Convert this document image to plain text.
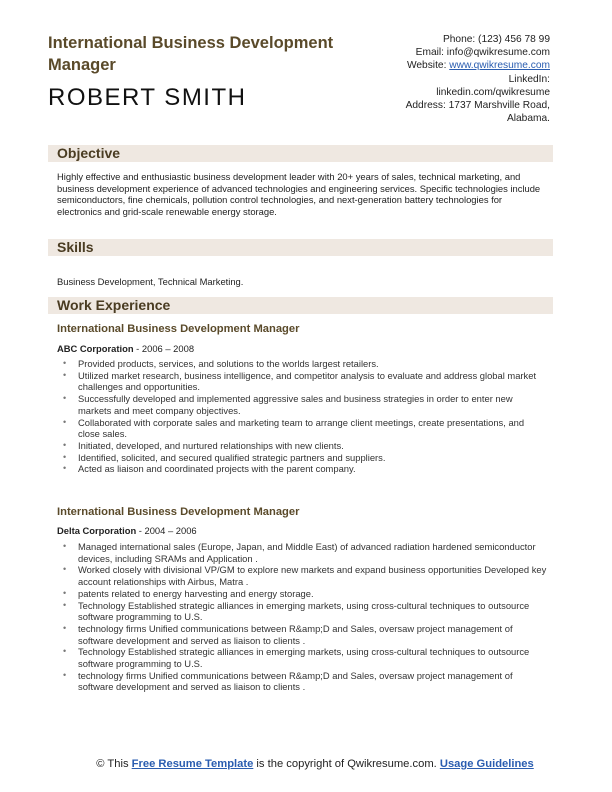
International Business Development Manager
ROBERT SMITH
Phone: (123) 456 78 99
Email: info@qwikresume.com
Website: www.qwikresume.com
LinkedIn:
linkedin.com/qwikresume
Address: 1737 Marshville Road,
Alabama.
Objective
Highly effective and enthusiastic business development leader with 20+ years of sales, technical marketing, and business development experience of advanced technologies and engineering services. Specific technologies include semiconductors, fine chemicals, pollution control technologies, and next-generation battery technologies for electronics and grid-scale renewable energy storage.
Skills
Business Development, Technical Marketing.
Work Experience
International Business Development Manager
ABC Corporation - 2006 – 2008
• Provided products, services, and solutions to the worlds largest retailers.
• Utilized market research, business intelligence, and competitor analysis to evaluate and address global market challenges and opportunities.
• Successfully developed and implemented aggressive sales and business strategies in order to enter new markets and meet company objectives.
• Collaborated with corporate sales and marketing team to arrange client meetings, create presentations, and close sales.
• Initiated, developed, and nurtured relationships with new clients.
• Identified, solicited, and secured qualified strategic partners and suppliers.
• Acted as liaison and coordinated projects with the parent company.
International Business Development Manager
Delta Corporation - 2004 – 2006
• Managed international sales (Europe, Japan, and Middle East) of advanced radiation hardened semiconductor devices, including SRAMs and Application .
• Worked closely with divisional VP/GM to explore new markets and expand business opportunities Developed key account relationships with Airbus, Matra .
• patents related to energy harvesting and energy storage.
• Technology Established strategic alliances in emerging markets, using cross-cultural techniques to outsource software programming to U.S.
• technology firms Unified communications between R&amp;D and Sales, oversaw project management of software development and served as liaison to clients .
• Technology Established strategic alliances in emerging markets, using cross-cultural techniques to outsource software programming to U.S.
• technology firms Unified communications between R&amp;D and Sales, oversaw project management of software development and served as liaison to clients .
© This Free Resume Template is the copyright of Qwikresume.com. Usage Guidelines
